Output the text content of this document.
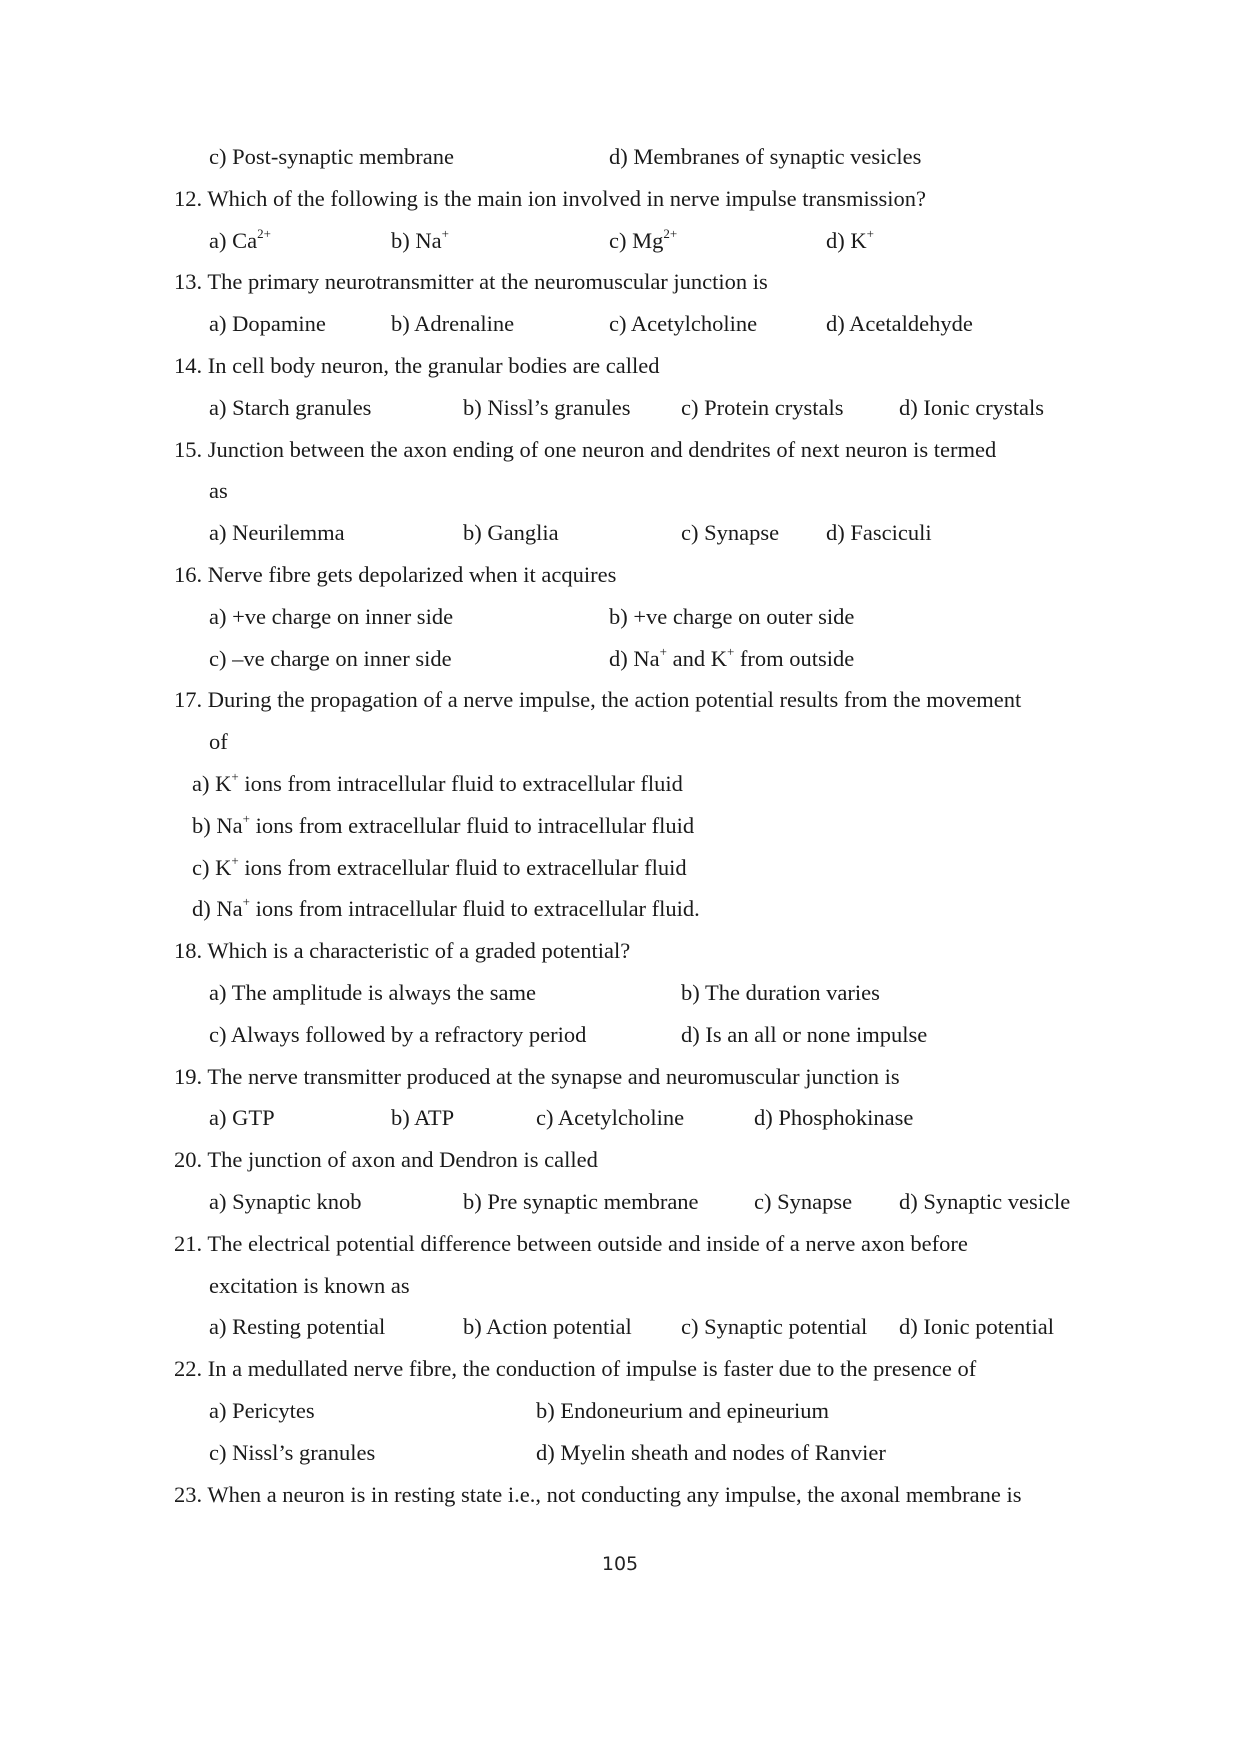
c) Post-synaptic membrane	d) Membranes of synaptic vesicles
12. Which of the following is the main ion involved in nerve impulse transmission?
a) $Ca^{2+}$	b) Na+	c) $Mg^{2+}$	d) K+
13. The primary neurotransmitter at the neuromuscular junction is
a) Dopamine	b) Adrenaline	c) Acetylcholine	d) Acetaldehyde
14. In cell body neuron, the granular bodies are called
a) Starch granules	b) Nissl’s granules c) Protein crystals d) Ionic crystals
15. Junction between the axon ending of one neuron and dendrites of next neuron is termed
as
a) Neurilemma	b) Ganglia	c) Synapse d) Fasciculi
16. Nerve fibre gets depolarized when it acquires
a) +ve charge on inner side	b) +ve charge on outer side
c) –ve charge on inner side	d) Na+ and K+ from outside
17. During the propagation of a nerve impulse, the action potential results from the movement
of
a) K+ ions from intracellular fluid to extracellular fluid
b) Na+ ions from extracellular fluid to intracellular fluid
c) K+ ions from extracellular fluid to extracellular fluid
d) Na+ ions from intracellular fluid to extracellular fluid.
18. Which is a characteristic of a graded potential?
a) The amplitude is always the same	b) The duration varies
c) Always followed by a refractory period	d) Is an all or none impulse
19. The nerve transmitter produced at the synapse and neuromuscular junction is
a) GTP	b) ATP	c) Acetylcholine	d) Phosphokinase
20. The junction of axon and Dendron is called
a) Synaptic knob	b) Pre synaptic membrane c) Synapse d) Synaptic vesicle
21. The electrical potential difference between outside and inside of a nerve axon before
excitation is known as
a) Resting potential	b) Action potential c) Synaptic potential d) Ionic potential
22. In a medullated nerve fibre, the conduction of impulse is faster due to the presence of
a) Pericytes	b) Endoneurium and epineurium
c) Nissl’s granules	d) Myelin sheath and nodes of Ranvier
23. When a neuron is in resting state i.e., not conducting any impulse, the axonal membrane is
105
